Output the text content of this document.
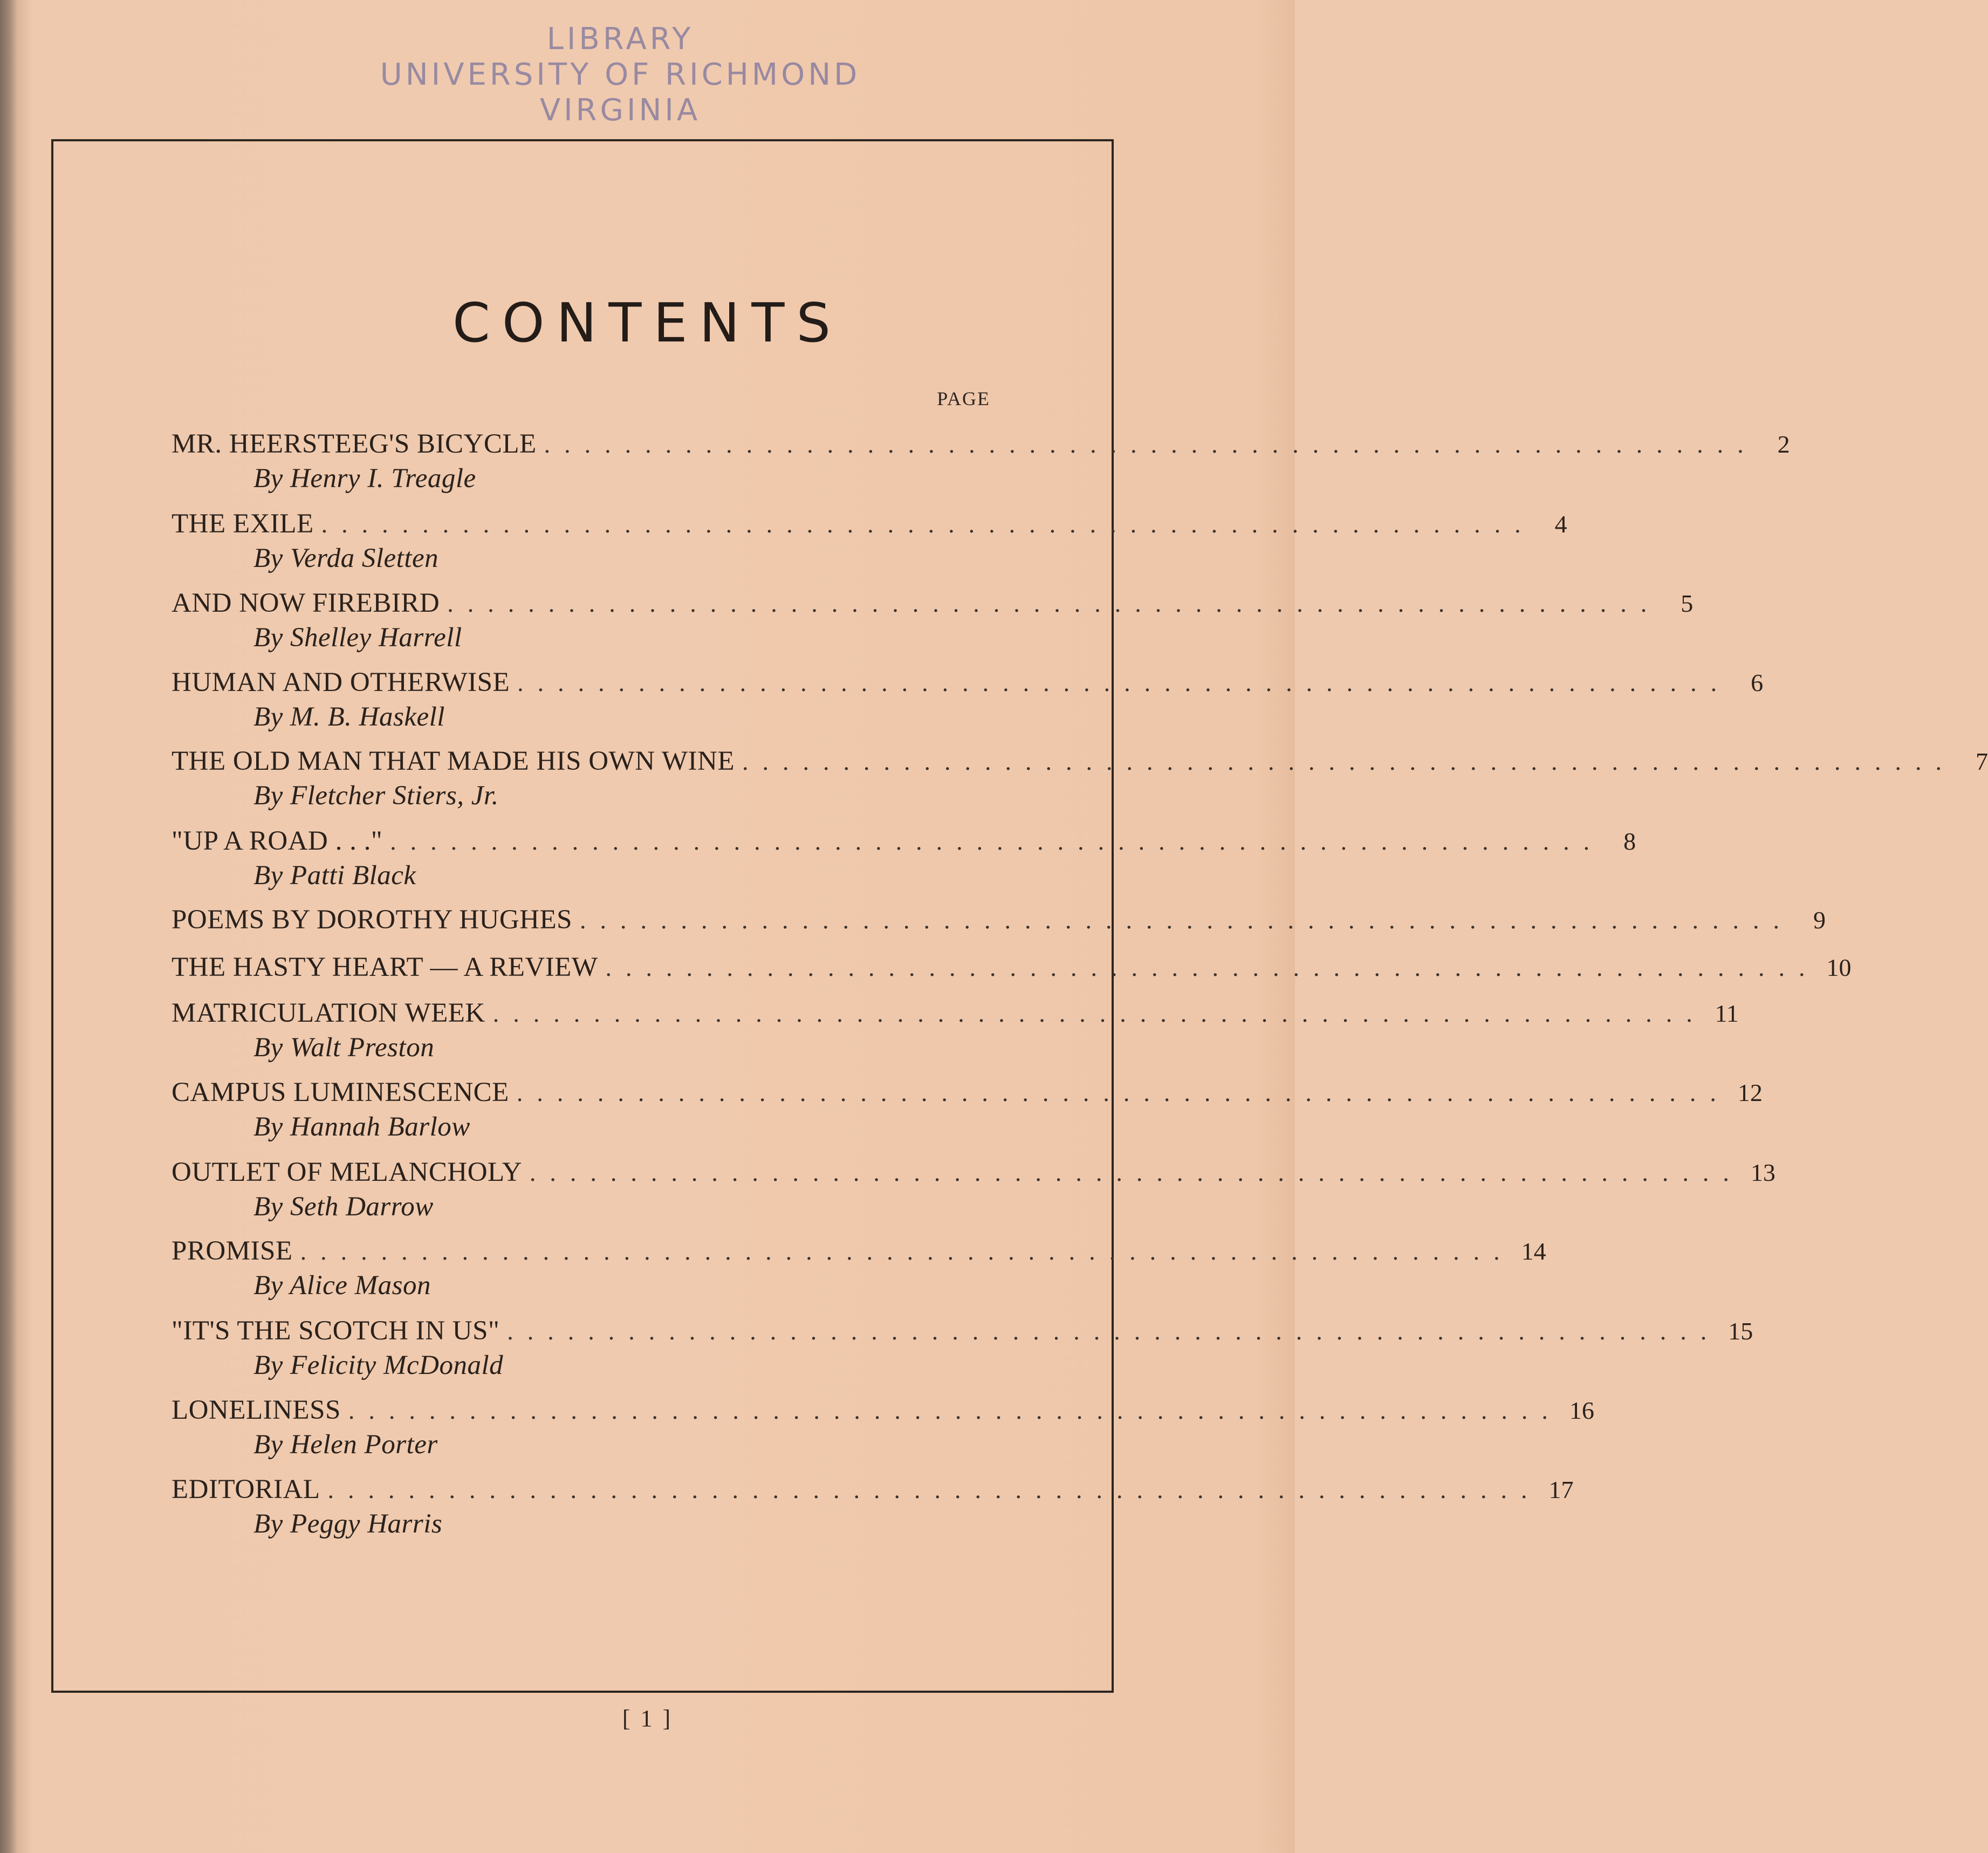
LIBRARY
UNIVERSITY OF RICHMOND
VIRGINIA
CONTENTS
PAGE
MR. HEERSTEEG'S BICYCLE ............................................................ 2
By Henry I. Treagle
THE EXILE ............................................................ 4
By Verda Sletten
AND NOW FIREBIRD ............................................................ 5
By Shelley Harrell
HUMAN AND OTHERWISE ............................................................ 6
By M. B. Haskell
THE OLD MAN THAT MADE HIS OWN WINE ............................................................ 7
By Fletcher Stiers, Jr.
"UP A ROAD . . ." ............................................................ 8
By Patti Black
POEMS BY DOROTHY HUGHES ............................................................ 9
THE HASTY HEART — A REVIEW ............................................................ 10
MATRICULATION WEEK ............................................................ 11
By Walt Preston
CAMPUS LUMINESCENCE ............................................................ 12
By Hannah Barlow
OUTLET OF MELANCHOLY ............................................................ 13
By Seth Darrow
PROMISE ............................................................ 14
By Alice Mason
"IT'S THE SCOTCH IN US" ............................................................ 15
By Felicity McDonald
LONELINESS ............................................................ 16
By Helen Porter
EDITORIAL ............................................................ 17
By Peggy Harris
[ 1 ]
